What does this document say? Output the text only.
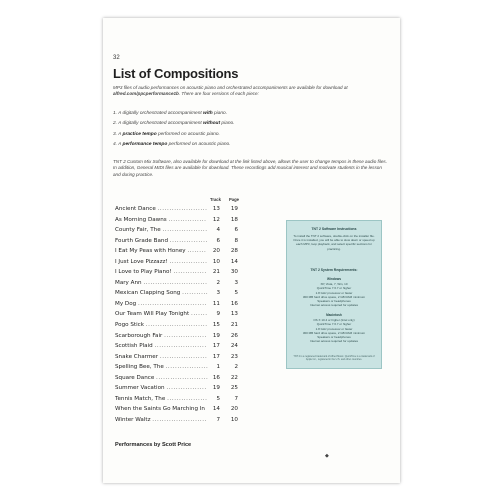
32
List of Compositions
MP3 files of audio performances on acoustic piano and orchestrated accompaniments are available for download at alfred.com/ppcperformance1b. There are four versions of each piece:
1. A digitally orchestrated accompaniment with piano.
2. A digitally orchestrated accompaniment without piano.
3. A practice tempo performed on acoustic piano.
4. A performance tempo performed on acoustic piano.
TNT 2 Custom Mix Software, also available for download at the link listed above, allows the user to change tempos in these audio files. In addition, General MIDI files are available for download. These recordings add musical interest and motivate students in the lesson and during practice.
Track Page
Ancient Dance ..................... 13	19
As Morning Dawns ................	12	18
County Fair, The ...................	4	6
Fourth Grade Band ................	6	8
I Eat My Peas with Honey ........	20	28
I Just Love Pizzazz! ................ 10	14
I Love to Play Piano! ..............	21	30
Mary Ann ...........................	2	3
Mexican Clapping Song ...........	3	5
My Dog .............................	11	16
Our Team Will Play Tonight .......	9	13
Pogo Stick .......................... 15	21
Scarborough Fair ..................	19	26
Scottish Plaid ......................	17	24
Snake Charmer .................... 17	23
Spelling Bee, The ..................	1	2
Square Dance ...................... 16	22
Summer Vacation .................	19	25
Tennis Match, The .................	5	7
When the Saints Go Marching In	14	20
Winter Waltz .......................	7	10
Performances by Scott Price
TNT 2 Software Instructions
To install the TNT 2 software, double-click on the installer file. Once it is installed, you will be able to slow down or speed up each MP3, loop playback, and select specific sections for practicing.
TNT 2 System Requirements:
Windows
XP, Vista, 7, Win, 10
QuickTime 7.6.7 or higher
1.8 GHz processor or faster
300 MB hard drive space, 2 GB RAM minimum
Speakers or headphones
Internet access required for updates
Macintosh
OS X 10.4 or higher (Intel only)
QuickTime 7.6.7 or higher
1.8 GHz processor or faster
300 MB hard drive space, 2 GB RAM minimum
Speakers or headphones
Internet access required for updates
TNT 2 is a registered trademark of Alfred Music. QuickTime is a trademark of Apple Inc., registered in the U.S. and other countries.
◆
